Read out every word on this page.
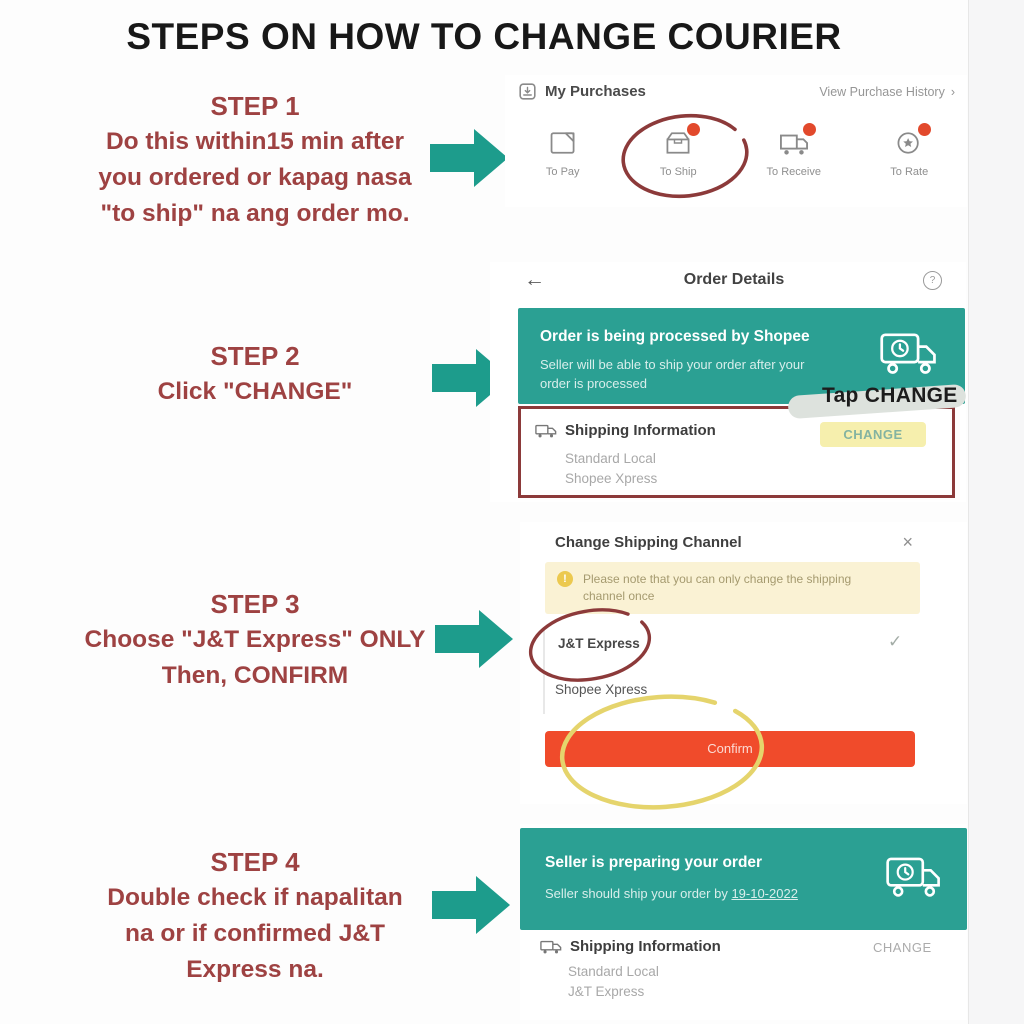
STEPS ON HOW TO CHANGE COURIER
STEP 1
Do this within15 min after
you ordered or kapag nasa
"to ship" na ang order mo.
STEP 2
Click "CHANGE"
STEP 3
Choose "J&T Express" ONLY
Then, CONFIRM
STEP 4
Double check if napalitan
na or if confirmed J&T
Express na.
My Purchases	View Purchase History ›
To Pay	To Ship	To Receive	To Rate
←	Order Details	?
Order is being processed by Shopee
Seller will be able to ship your order after your
order is processed
Shipping Information
Standard Local
Shopee Xpress
CHANGE
Tap CHANGE
Change Shipping Channel	×
!	Please note that you can only change the shipping
channel once
J&T Express	✓
Shopee Xpress
Confirm
Seller is preparing your order
Seller should ship your order by 19-10-2022
Shipping Information	CHANGE
Standard Local
J&T Express
